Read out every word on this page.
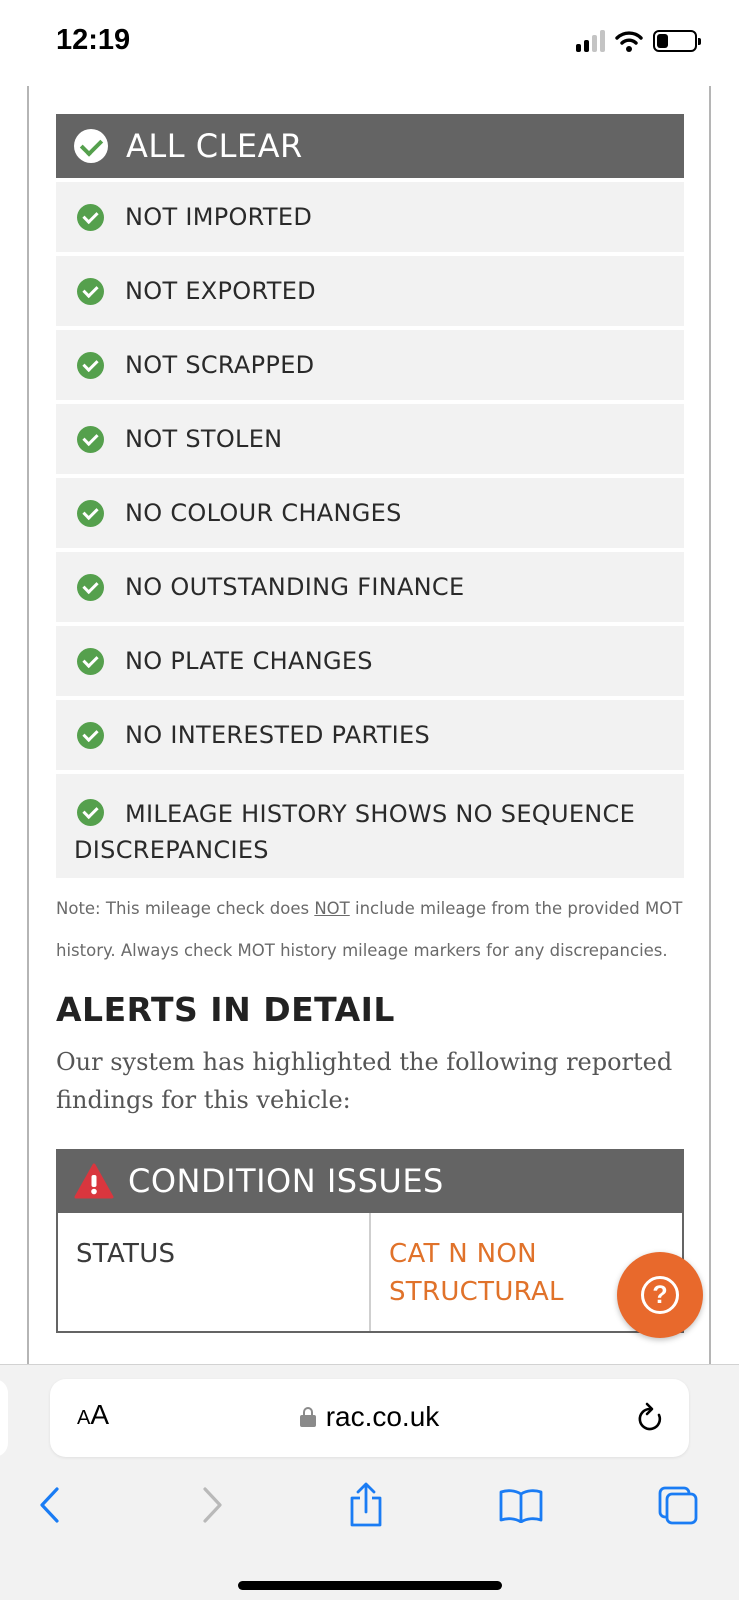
12:19
ALL CLEAR
NOT IMPORTED
NOT EXPORTED
NOT SCRAPPED
NOT STOLEN
NO COLOUR CHANGES
NO OUTSTANDING FINANCE
NO PLATE CHANGES
NO INTERESTED PARTIES
MILEAGE HISTORY SHOWS NO SEQUENCE DISCREPANCIES

Note: This mileage check does NOT include mileage from the provided MOT history. Always check MOT history mileage markers for any discrepancies.

ALERTS IN DETAIL

Our system has highlighted the following reported findings for this vehicle:

CONDITION ISSUES
STATUS	CAT N NON STRUCTURAL	?
AA	rac.co.uk
